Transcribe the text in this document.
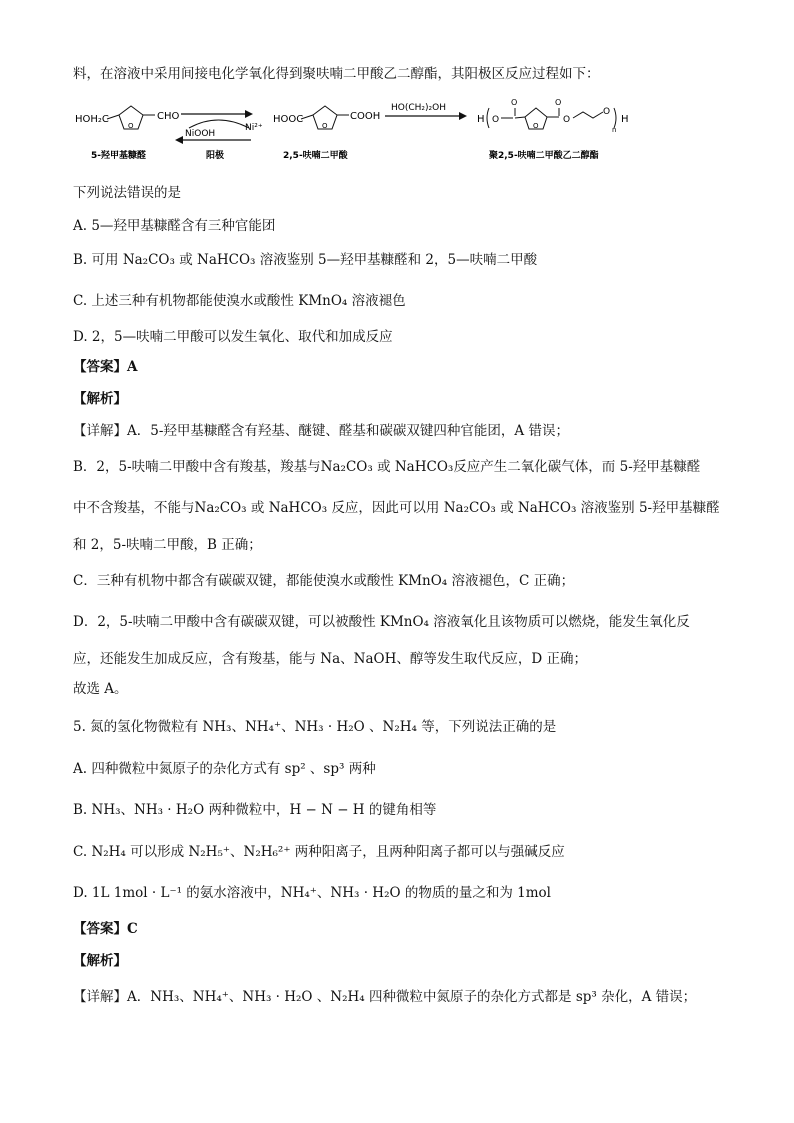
料，在溶液中采用间接电化学氧化得到聚呋喃二甲酸乙二醇酯，其阳极区反应过程如下：
HOH₂C
O
CHO
5-羟甲基糠醛
NiOOH
Ni²⁺
阳极
HOOC
O
COOH
2,5-呋喃二甲酸
HO(CH₂)₂OH
H O
O
O
O
O
O
n
H
聚2,5-呋喃二甲酸乙二醇酯
下列说法错误的是
A. 5—羟甲基糠醛含有三种官能团
B. 可用 Na₂CO₃ 或 NaHCO₃ 溶液鉴别 5—羟甲基糠醛和 2，5—呋喃二甲酸
C. 上述三种有机物都能使溴水或酸性 KMnO₄ 溶液褪色
D. 2，5—呋喃二甲酸可以发生氧化、取代和加成反应
【答案】A
【解析】
【详解】A．5-羟甲基糠醛含有羟基、醚键、醛基和碳碳双键四种官能团，A 错误；
B．2，5-呋喃二甲酸中含有羧基，羧基与Na₂CO₃ 或 NaHCO₃反应产生二氧化碳气体，而 5-羟甲基糠醛
中不含羧基，不能与Na₂CO₃ 或 NaHCO₃ 反应，因此可以用 Na₂CO₃ 或 NaHCO₃ 溶液鉴别 5-羟甲基糠醛
和 2，5-呋喃二甲酸，B 正确；
C．三种有机物中都含有碳碳双键，都能使溴水或酸性 KMnO₄ 溶液褪色，C 正确；
D．2，5-呋喃二甲酸中含有碳碳双键，可以被酸性 KMnO₄ 溶液氧化且该物质可以燃烧，能发生氧化反
应，还能发生加成反应，含有羧基，能与 Na、NaOH、醇等发生取代反应，D 正确；
故选 A。
5. 氮的氢化物微粒有 NH₃、NH₄⁺、NH₃ · H₂O 、N₂H₄ 等，下列说法正确的是
A. 四种微粒中氮原子的杂化方式有 sp² 、sp³ 两种
B. NH₃、NH₃ · H₂O 两种微粒中，H − N − H 的键角相等
C. N₂H₄ 可以形成 N₂H₅⁺、N₂H₆²⁺ 两种阳离子，且两种阳离子都可以与强碱反应
D. 1L 1mol · L⁻¹ 的氨水溶液中，NH₄⁺、NH₃ · H₂O 的物质的量之和为 1mol
【答案】C
【解析】
【详解】A．NH₃、NH₄⁺、NH₃ · H₂O 、N₂H₄ 四种微粒中氮原子的杂化方式都是 sp³ 杂化，A 错误；
